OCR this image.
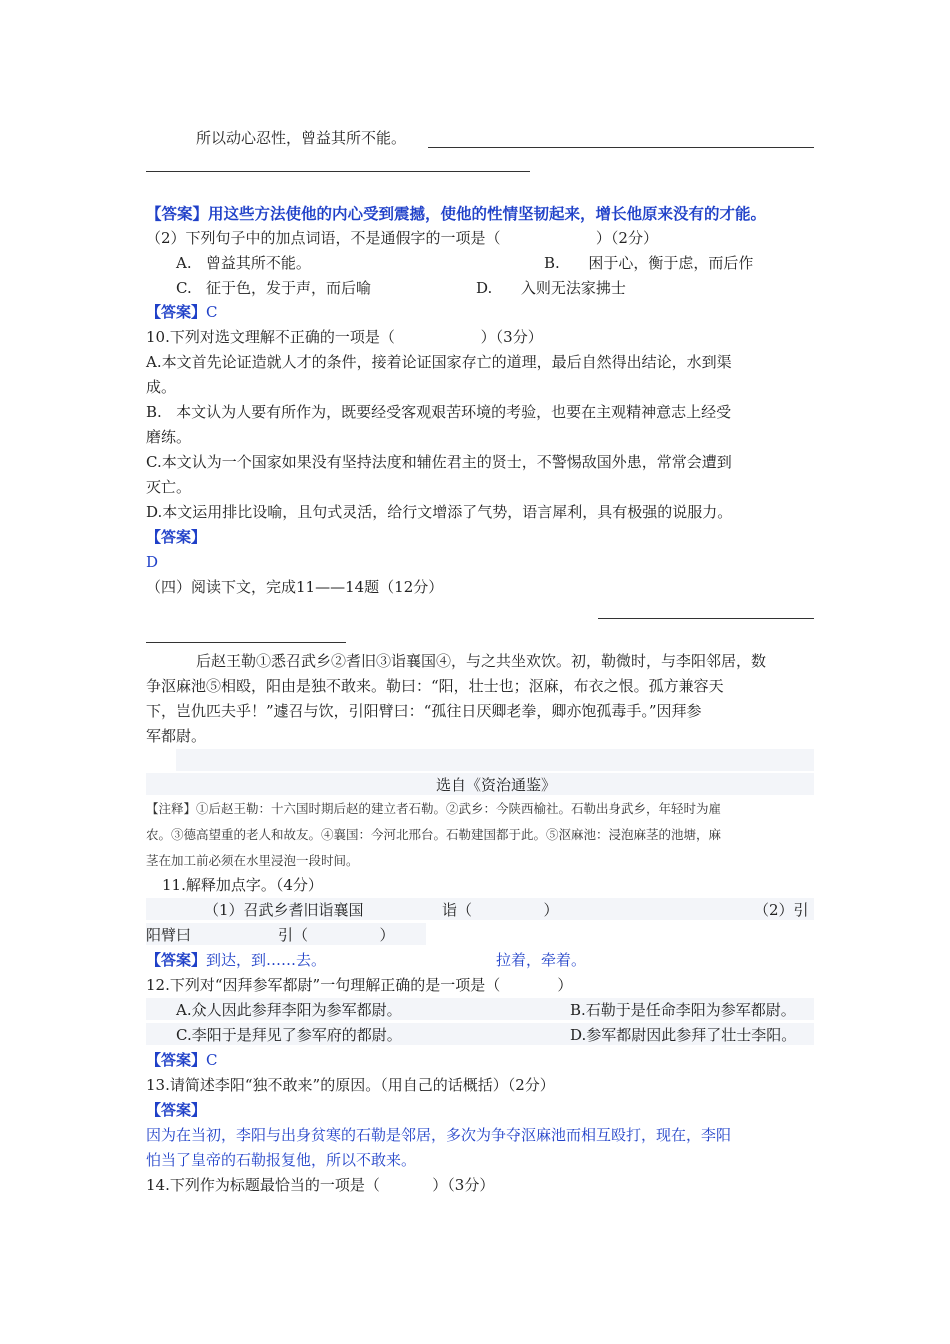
所以动心忍性，曾益其所不能。
【答案】用这些方法使他的内心受到震撼，使他的性情坚韧起来，增长他原来没有的才能。
（2）下列句子中的加点词语，不是通假字的一项是（                    ）（2分）
A.   曾益其所不能。	B.      困于心，衡于虑，而后作
C.   征于色，发于声，而后喻	D.      入则无法家拂士
【答案】C
10.下列对选文理解不正确的一项是（                  ）（3分）
A.本文首先论证造就人才的条件，接着论证国家存亡的道理，最后自然得出结论，水到渠
成。
B.   本文认为人要有所作为，既要经受客观艰苦环境的考验，也要在主观精神意志上经受
磨练。
C.本文认为一个国家如果没有坚持法度和辅佐君主的贤士，不警惕敌国外患，常常会遭到
灭亡。
D.本文运用排比设喻，且句式灵活，给行文增添了气势，语言犀利，具有极强的说服力。
【答案】
D
（四）阅读下文，完成11——14题（12分）
后赵王勒①悉召武乡②耆旧③诣襄国④，与之共坐欢饮。初，勒微时，与李阳邻居，数
争沤麻池⑤相殴，阳由是独不敢来。勒曰：“阳，壮士也；沤麻，布衣之恨。孤方兼容天
下，岂仇匹夫乎！”遽召与饮，引阳臂曰：“孤往日厌卿老拳，卿亦饱孤毒手。”因拜参
军都尉。
选自《资治通鉴》
【注释】①后赵王勒：十六国时期后赵的建立者石勒。②武乡：今陕西榆社。石勒出身武乡，年轻时为雇
农。③德高望重的老人和故友。④襄国：今河北邢台。石勒建国都于此。⑤沤麻池：浸泡麻茎的池塘，麻
茎在加工前必须在水里浸泡一段时间。
11.解释加点字。（4分）
（1）召武乡耆旧诣襄国	诣（               ）	（2）引
阳臂曰	引（               ）
【答案】到达，到……去。	拉着，牵着。
12.下列对“因拜参军都尉”一句理解正确的是一项是（            ）
A.众人因此参拜李阳为参军都尉。	B.石勒于是任命李阳为参军都尉。
C.李阳于是拜见了参军府的都尉。	D.参军都尉因此参拜了壮士李阳。
【答案】C
13.请简述李阳“独不敢来”的原因。（用自己的话概括）（2分）
【答案】
因为在当初，李阳与出身贫寒的石勒是邻居，多次为争夺沤麻池而相互殴打，现在，李阳
怕当了皇帝的石勒报复他，所以不敢来。
14.下列作为标题最恰当的一项是（           ）（3分）
